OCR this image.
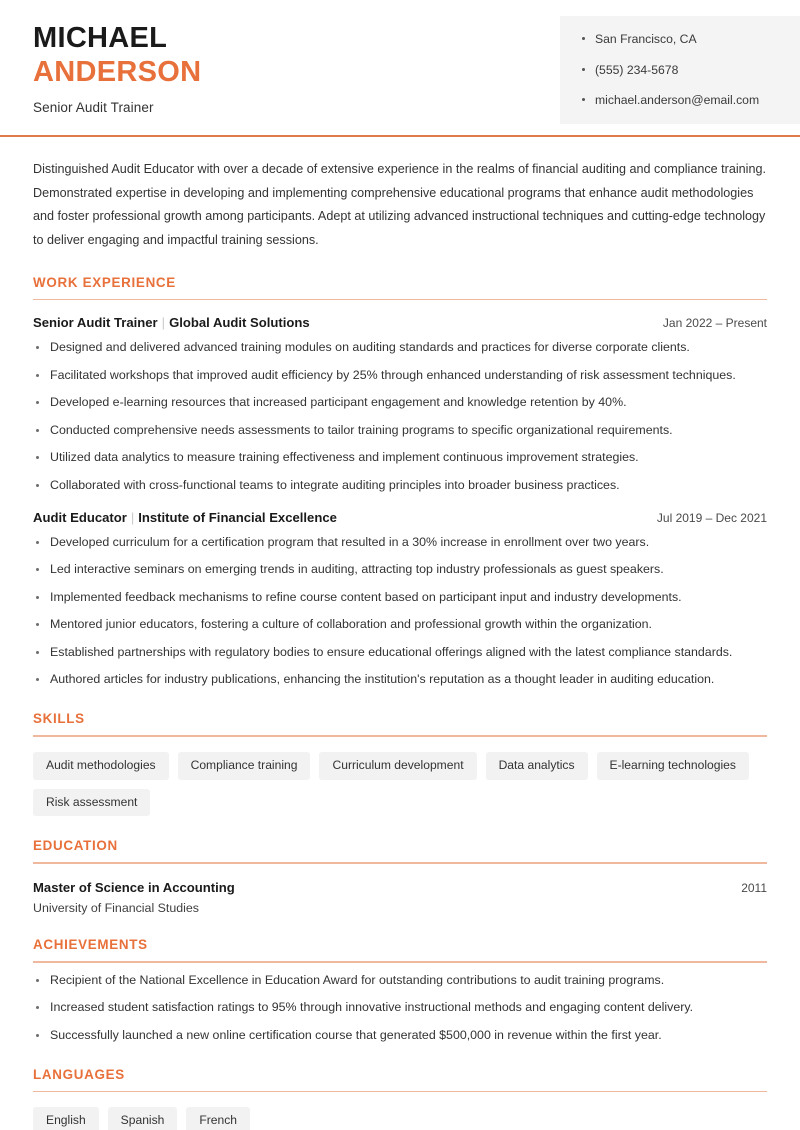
MICHAEL
ANDERSON
Senior Audit Trainer
San Francisco, CA
(555) 234-5678
michael.anderson@email.com
Distinguished Audit Educator with over a decade of extensive experience in the realms of financial auditing and compliance training. Demonstrated expertise in developing and implementing comprehensive educational programs that enhance audit methodologies and foster professional growth among participants. Adept at utilizing advanced instructional techniques and cutting-edge technology to deliver engaging and impactful training sessions.
WORK EXPERIENCE
Senior Audit Trainer | Global Audit Solutions	Jan 2022 – Present
Designed and delivered advanced training modules on auditing standards and practices for diverse corporate clients.
Facilitated workshops that improved audit efficiency by 25% through enhanced understanding of risk assessment techniques.
Developed e-learning resources that increased participant engagement and knowledge retention by 40%.
Conducted comprehensive needs assessments to tailor training programs to specific organizational requirements.
Utilized data analytics to measure training effectiveness and implement continuous improvement strategies.
Collaborated with cross-functional teams to integrate auditing principles into broader business practices.
Audit Educator | Institute of Financial Excellence	Jul 2019 – Dec 2021
Developed curriculum for a certification program that resulted in a 30% increase in enrollment over two years.
Led interactive seminars on emerging trends in auditing, attracting top industry professionals as guest speakers.
Implemented feedback mechanisms to refine course content based on participant input and industry developments.
Mentored junior educators, fostering a culture of collaboration and professional growth within the organization.
Established partnerships with regulatory bodies to ensure educational offerings aligned with the latest compliance standards.
Authored articles for industry publications, enhancing the institution's reputation as a thought leader in auditing education.
SKILLS
Audit methodologies	Compliance training	Curriculum development	Data analytics	E-learning technologies
Risk assessment
EDUCATION
Master of Science in Accounting	2011
University of Financial Studies
ACHIEVEMENTS
Recipient of the National Excellence in Education Award for outstanding contributions to audit training programs.
Increased student satisfaction ratings to 95% through innovative instructional methods and engaging content delivery.
Successfully launched a new online certification course that generated $500,000 in revenue within the first year.
LANGUAGES
English	Spanish	French
